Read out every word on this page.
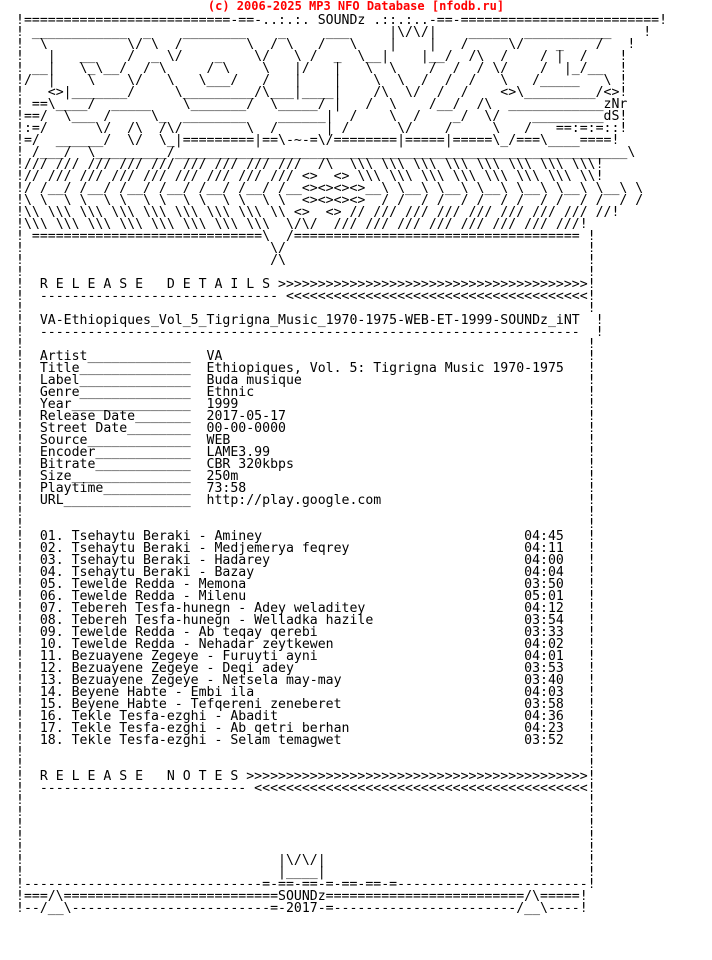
(c) 2006-2025 MP3 NFO Database [nfodb.ru]
!==========================-==-..:.:. SOUNDz .::.:..-==-=========================!
! ____________  _    ________    _     ___     |\/\/|    _____  ___________    !
!  \          \/ \  /        \  / \   /   \    |    |   /     \/    _    /   !
!   |   __    /  _ \/    _    \/   \ /  _  \__|    |__/  /\  /    / |  /    !
! __|   \_\__/  / \     / \    \   |/   |   \  \    /  /  / \/    /  |_/__  !
!/  |    \    \/   \   \___/   /   |    |    \  \  /  /  /   \   /_____   \ !
!   <>|_______/     \_________/\___|____|    /\  \/  /  /    <>\_________/<>!
! ==\____/  _____    \_______/  \_____/ |   /  \    /__/  /\  ____________zNr
!==/  \___ /     \_  ________    ______|  /    \  /    _/  \/    _________dS!
!:=/      \/  /\  /\/        \  /      | /      \/    /     \   /   ==:=:=::!
!=/  ______/  \/  \_|=========|==\-~-=\/========|=====|=====\_/===\____====!
! /___/  \_________/_________________________________________________________\
!/// /// /// /// /// /// /// /// ///  /\  \\\ \\\ \\\ \\\ \\\ \\\ \\\ \\\!
!// /// /// /// /// /// /// /// /// <>  <> \\\ \\\ \\\ \\\ \\\ \\\ \\\ \\!
!/ /__/ /__/ /__/ /__/ /__/ /__/ /__<><><><>__\ \__\ \__\ \__\ \__\ \__\ \__\ \
!\ \  \ \  \ \  \ \  \ \  \ \  \ \  <><><><>  / /  / /  / /  / /  / /  / /  / /
!\\ \\\ \\\ \\\ \\\ \\\ \\\ \\\ \\ <>  <> // /// /// /// /// /// /// /// //!
!\\\ \\\ \\\ \\\ \\\ \\\ \\\ \\\  \/\/  /// /// /// /// /// /// /// ///!
! =============================\  /==================================== !
!                               \/                                      !
!                               /\                                      !
!                                                                       !
!  R E L E A S E   D E T A I L S >>>>>>>>>>>>>>>>>>>>>>>>>>>>>>>>>>>>>>>!
!  ------------------------------ <<<<<<<<<<<<<<<<<<<<<<<<<<<<<<<<<<<<<<!
!                                                                       !
!  VA-Ethiopiques_Vol_5_Tigrigna_Music_1970-1975-WEB-ET-1999-SOUNDz_iNT  !
!  --------------------------------------------------------------------  !
!                                                                       !
!  Artist_____________  VA                                              !
!  Title______________  Ethiopiques, Vol. 5: Tigrigna Music 1970-1975   !
!  Label______________  Buda musique                                    !
!  Genre______________  Ethnic                                          !
!  Year_______________  1999                                            !
!  Release Date_______  2017-05-17                                      !
!  Street Date________  00-00-0000                                      !
!  Source_____________  WEB                                             !
!  Encoder____________  LAME3.99                                        !
!  Bitrate____________  CBR 320kbps                                     !
!  Size_______________  250m                                            !
!  Playtime___________  73:58                                           !
!  URL________________  http://play.google.com                          !
!                                                                       !
!                                                                       !
!  01. Tsehaytu Beraki - Aminey                                 04:45   !
!  02. Tsehaytu Beraki - Medjemerya feqrey                      04:11   !
!  03. Tsehaytu Beraki - Hadarey                                04:00   !
!  04. Tsehaytu Beraki - Bazay                                  04:04   !
!  05. Tewelde Redda - Memona                                   03:50   !
!  06. Tewelde Redda - Milenu                                   05:01   !
!  07. Tebereh Tesfa-hunegn - Adey weladitey                    04:12   !
!  08. Tebereh Tesfa-hunegn - Welladka hazile                   03:54   !
!  09. Tewelde Redda - Ab teqay qerebi                          03:33   !
!  10. Tewelde Redda - Nehadar zeytkewen                        04:02   !
!  11. Bezuayene Zegeye - Furuyti ayni                          04:01   !
!  12. Bezuayene Zegeye - Deqi adey                             03:53   !
!  13. Bezuayene Zegeye - Netsela may-may                       03:40   !
!  14. Beyene Habte - Embi ila                                  04:03   !
!  15. Beyene Habte - Tefqereni zeneberet                       03:58   !
!  16. Tekle Tesfa-ezghi - Abadit                               04:36   !
!  17. Tekle Tesfa-ezghi - Ab qetri berhan                      04:23   !
!  18. Tekle Tesfa-ezghi - Selam temagwet                       03:52   !
!                                                                       !
!                                                                       !
!  R E L E A S E   N O T E S >>>>>>>>>>>>>>>>>>>>>>>>>>>>>>>>>>>>>>>>>>>!
!  -------------------------- <<<<<<<<<<<<<<<<<<<<<<<<<<<<<<<<<<<<<<<<<<!
!                                                                       !
!                                                                       !
!                                                                       !
!                                                                       !
!                                                                       !
!                                |\/\/|                                 !
!                                |____|                                 !
!------------------------------=-==-==-=-==-==-=------------------------!
!===/\===========================SOUNDz=========================/\=====!
!--/__\-------------------------=-2017-=-----------------------/__\----!
